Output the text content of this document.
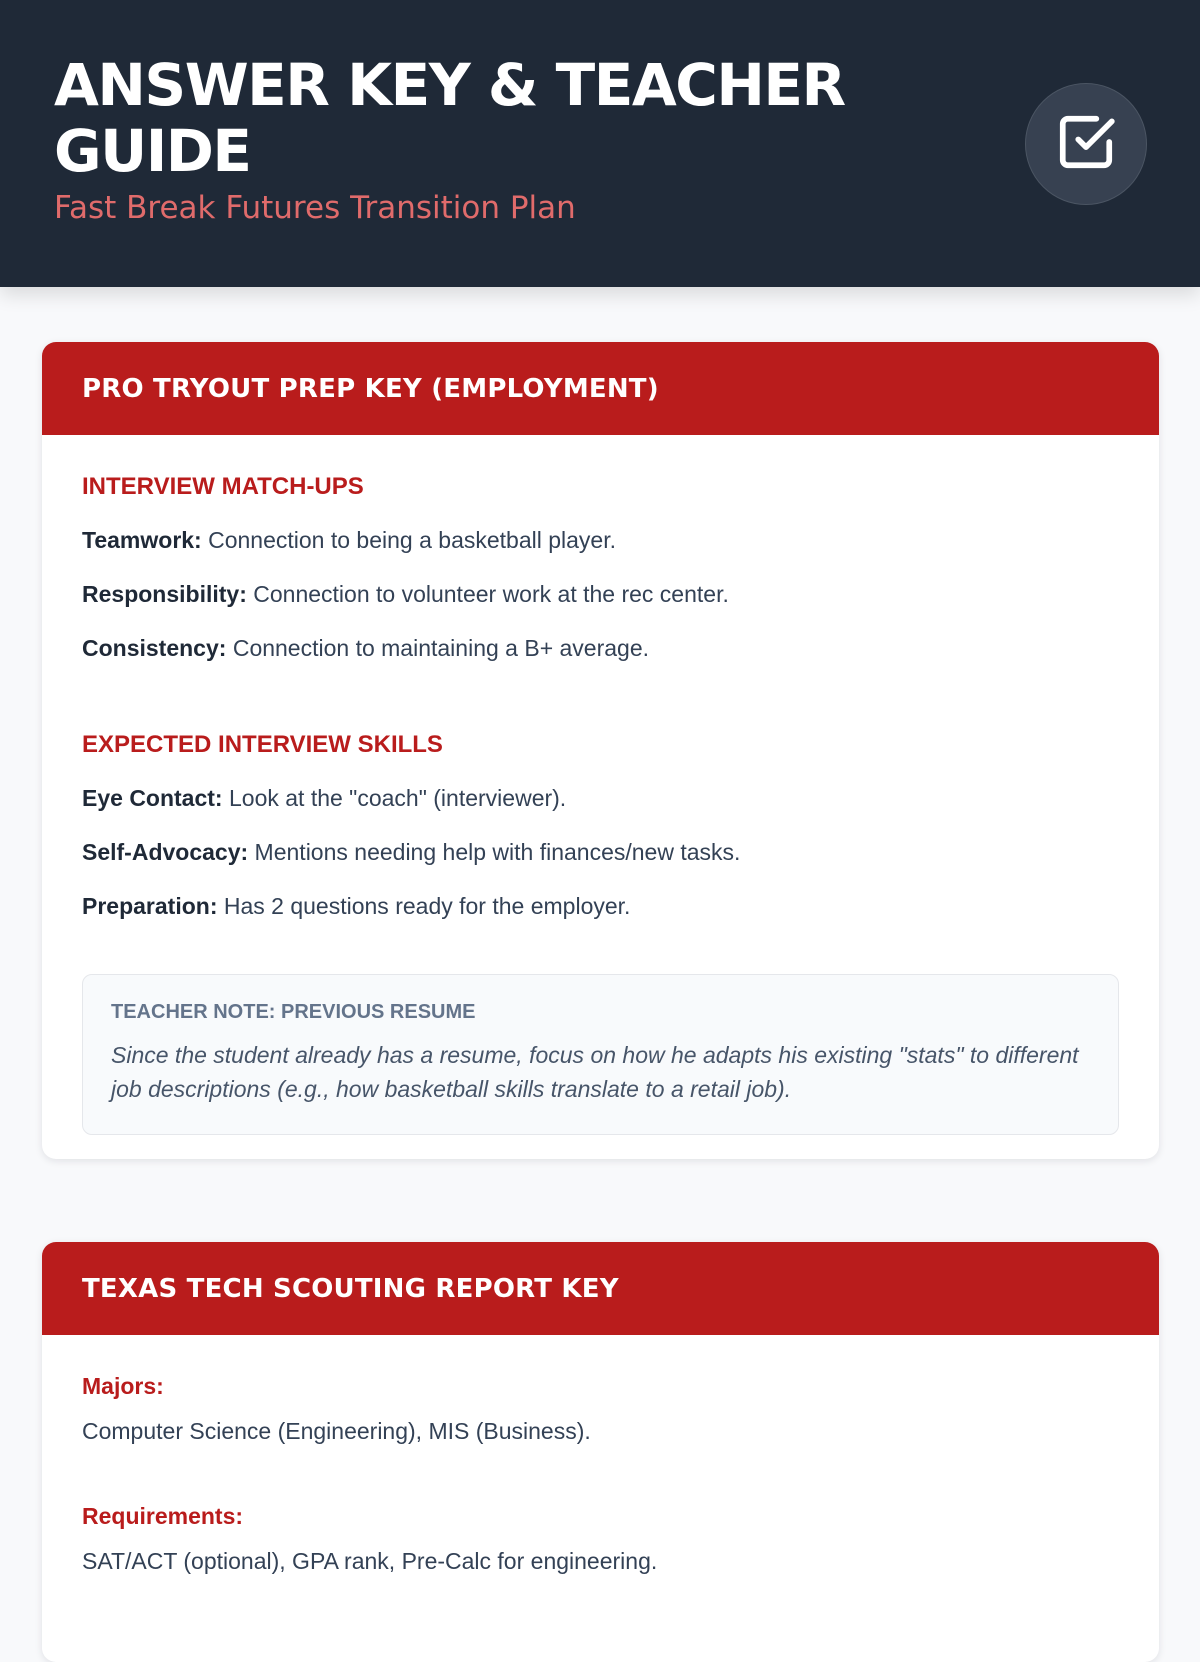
ANSWER KEY & TEACHER GUIDE
Fast Break Futures Transition Plan
PRO TRYOUT PREP KEY (EMPLOYMENT)
INTERVIEW MATCH-UPS
Teamwork: Connection to being a basketball player.
Responsibility: Connection to volunteer work at the rec center.
Consistency: Connection to maintaining a B+ average.
EXPECTED INTERVIEW SKILLS
Eye Contact: Look at the "coach" (interviewer).
Self-Advocacy: Mentions needing help with finances/new tasks.
Preparation: Has 2 questions ready for the employer.
TEACHER NOTE: PREVIOUS RESUME
Since the student already has a resume, focus on how he adapts his existing "stats" to different job descriptions (e.g., how basketball skills translate to a retail job).
TEXAS TECH SCOUTING REPORT KEY
Majors:
Computer Science (Engineering), MIS (Business).
Requirements:
SAT/ACT (optional), GPA rank, Pre-Calc for engineering.
